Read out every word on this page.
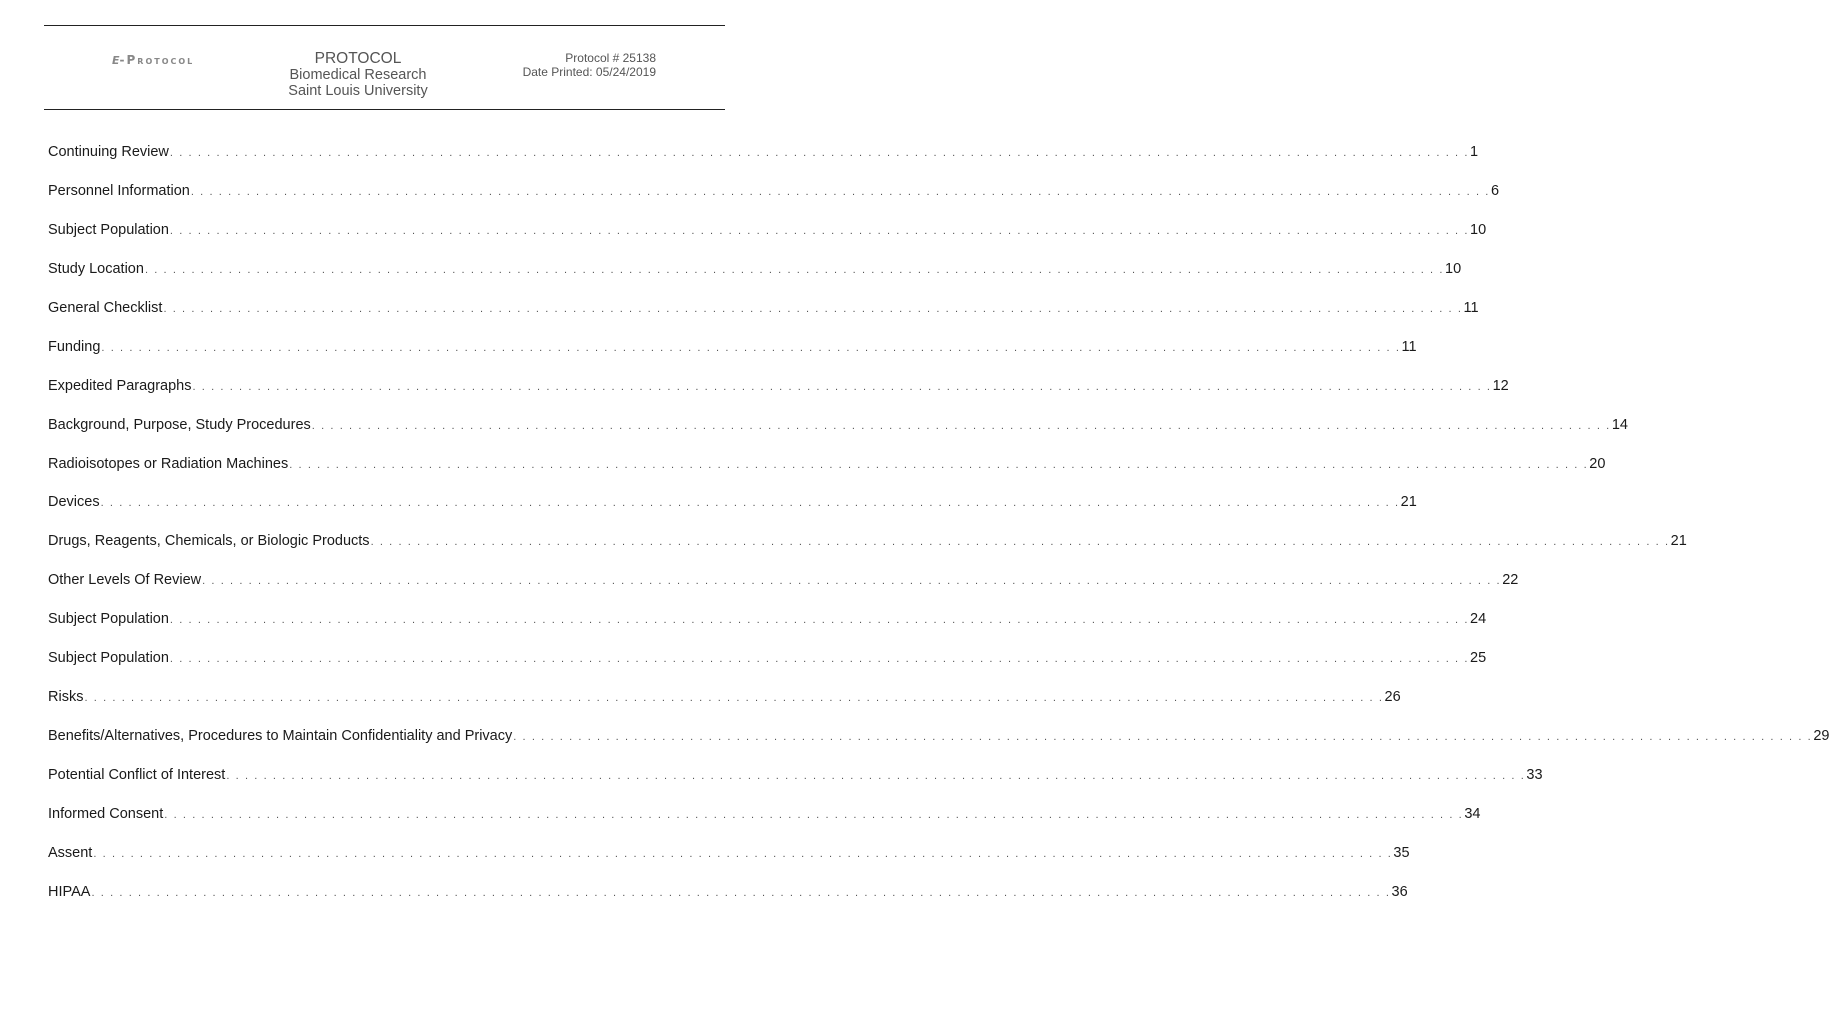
e-Protocol	PROTOCOL
Biomedical Research
Saint Louis University
Protocol # 25138
Date Printed: 05/24/2019
Continuing Review . . . . . . . . . . . . . . . . . . . . . . . . . . . . . . . . . . . . . . . . . . . . . . . . . . . . . . . . . . . . . . . . . . . . . . . . . . . . . . . . . . . . . . . . . . . . . . . . . . . . . . . . . . . . . . . . . . . . . . . . . . . . . . . . . . . . . . . . . . . . 1
Personnel Information . . . . . . . . . . . . . . . . . . . . . . . . . . . . . . . . . . . . . . . . . . . . . . . . . . . . . . . . . . . . . . . . . . . . . . . . . . . . . . . . . . . . . . . . . . . . . . . . . . . . . . . . . . . . . . . . . . . . . . . . . . . . . . . . . . . . . . . . . . . . 6
Subject Population . . . . . . . . . . . . . . . . . . . . . . . . . . . . . . . . . . . . . . . . . . . . . . . . . . . . . . . . . . . . . . . . . . . . . . . . . . . . . . . . . . . . . . . . . . . . . . . . . . . . . . . . . . . . . . . . . . . . . . . . . . . . . . . . . . . . . . . . . . . . 10
Study Location . . . . . . . . . . . . . . . . . . . . . . . . . . . . . . . . . . . . . . . . . . . . . . . . . . . . . . . . . . . . . . . . . . . . . . . . . . . . . . . . . . . . . . . . . . . . . . . . . . . . . . . . . . . . . . . . . . . . . . . . . . . . . . . . . . . . . . . . . . . . 10
General Checklist . . . . . . . . . . . . . . . . . . . . . . . . . . . . . . . . . . . . . . . . . . . . . . . . . . . . . . . . . . . . . . . . . . . . . . . . . . . . . . . . . . . . . . . . . . . . . . . . . . . . . . . . . . . . . . . . . . . . . . . . . . . . . . . . . . . . . . . . . . . . 11
Funding . . . . . . . . . . . . . . . . . . . . . . . . . . . . . . . . . . . . . . . . . . . . . . . . . . . . . . . . . . . . . . . . . . . . . . . . . . . . . . . . . . . . . . . . . . . . . . . . . . . . . . . . . . . . . . . . . . . . . . . . . . . . . . . . . . . . . . . . . . . . 11
Expedited Paragraphs . . . . . . . . . . . . . . . . . . . . . . . . . . . . . . . . . . . . . . . . . . . . . . . . . . . . . . . . . . . . . . . . . . . . . . . . . . . . . . . . . . . . . . . . . . . . . . . . . . . . . . . . . . . . . . . . . . . . . . . . . . . . . . . . . . . . . . . . . . . . 12
Background, Purpose, Study Procedures . . . . . . . . . . . . . . . . . . . . . . . . . . . . . . . . . . . . . . . . . . . . . . . . . . . . . . . . . . . . . . . . . . . . . . . . . . . . . . . . . . . . . . . . . . . . . . . . . . . . . . . . . . . . . . . . . . . . . . . . . . . . . . . . . . . . . . . . . . . . 14
Radioisotopes or Radiation Machines . . . . . . . . . . . . . . . . . . . . . . . . . . . . . . . . . . . . . . . . . . . . . . . . . . . . . . . . . . . . . . . . . . . . . . . . . . . . . . . . . . . . . . . . . . . . . . . . . . . . . . . . . . . . . . . . . . . . . . . . . . . . . . . . . . . . . . . . . . . . 20
Devices . . . . . . . . . . . . . . . . . . . . . . . . . . . . . . . . . . . . . . . . . . . . . . . . . . . . . . . . . . . . . . . . . . . . . . . . . . . . . . . . . . . . . . . . . . . . . . . . . . . . . . . . . . . . . . . . . . . . . . . . . . . . . . . . . . . . . . . . . . . . 21
Drugs, Reagents, Chemicals, or Biologic Products . . . . . . . . . . . . . . . . . . . . . . . . . . . . . . . . . . . . . . . . . . . . . . . . . . . . . . . . . . . . . . . . . . . . . . . . . . . . . . . . . . . . . . . . . . . . . . . . . . . . . . . . . . . . . . . . . . . . . . . . . . . . . . . . . . . . . . . . . . . . 21
Other Levels Of Review . . . . . . . . . . . . . . . . . . . . . . . . . . . . . . . . . . . . . . . . . . . . . . . . . . . . . . . . . . . . . . . . . . . . . . . . . . . . . . . . . . . . . . . . . . . . . . . . . . . . . . . . . . . . . . . . . . . . . . . . . . . . . . . . . . . . . . . . . . . . 22
Subject Population . . . . . . . . . . . . . . . . . . . . . . . . . . . . . . . . . . . . . . . . . . . . . . . . . . . . . . . . . . . . . . . . . . . . . . . . . . . . . . . . . . . . . . . . . . . . . . . . . . . . . . . . . . . . . . . . . . . . . . . . . . . . . . . . . . . . . . . . . . . . 24
Subject Population . . . . . . . . . . . . . . . . . . . . . . . . . . . . . . . . . . . . . . . . . . . . . . . . . . . . . . . . . . . . . . . . . . . . . . . . . . . . . . . . . . . . . . . . . . . . . . . . . . . . . . . . . . . . . . . . . . . . . . . . . . . . . . . . . . . . . . . . . . . . 25
Risks . . . . . . . . . . . . . . . . . . . . . . . . . . . . . . . . . . . . . . . . . . . . . . . . . . . . . . . . . . . . . . . . . . . . . . . . . . . . . . . . . . . . . . . . . . . . . . . . . . . . . . . . . . . . . . . . . . . . . . . . . . . . . . . . . . . . . . . . . . . . 26
Benefits/Alternatives, Procedures to Maintain Confidentiality and Privacy . . . . . . . . . . . . . . . . . . . . . . . . . . . . . . . . . . . . . . . . . . . . . . . . . . . . . . . . . . . . . . . . . . . . . . . . . . . . . . . . . . . . . . . . . . . . . . . . . . . . . . . . . . . . . . . . . . . . . . . . . . . . . . . . . . . . . . . . . . . . 29
Potential Conflict of Interest . . . . . . . . . . . . . . . . . . . . . . . . . . . . . . . . . . . . . . . . . . . . . . . . . . . . . . . . . . . . . . . . . . . . . . . . . . . . . . . . . . . . . . . . . . . . . . . . . . . . . . . . . . . . . . . . . . . . . . . . . . . . . . . . . . . . . . . . . . . . 33
Informed Consent . . . . . . . . . . . . . . . . . . . . . . . . . . . . . . . . . . . . . . . . . . . . . . . . . . . . . . . . . . . . . . . . . . . . . . . . . . . . . . . . . . . . . . . . . . . . . . . . . . . . . . . . . . . . . . . . . . . . . . . . . . . . . . . . . . . . . . . . . . . . 34
Assent . . . . . . . . . . . . . . . . . . . . . . . . . . . . . . . . . . . . . . . . . . . . . . . . . . . . . . . . . . . . . . . . . . . . . . . . . . . . . . . . . . . . . . . . . . . . . . . . . . . . . . . . . . . . . . . . . . . . . . . . . . . . . . . . . . . . . . . . . . . . 35
HIPAA . . . . . . . . . . . . . . . . . . . . . . . . . . . . . . . . . . . . . . . . . . . . . . . . . . . . . . . . . . . . . . . . . . . . . . . . . . . . . . . . . . . . . . . . . . . . . . . . . . . . . . . . . . . . . . . . . . . . . . . . . . . . . . . . . . . . . . . . . . . . 36
